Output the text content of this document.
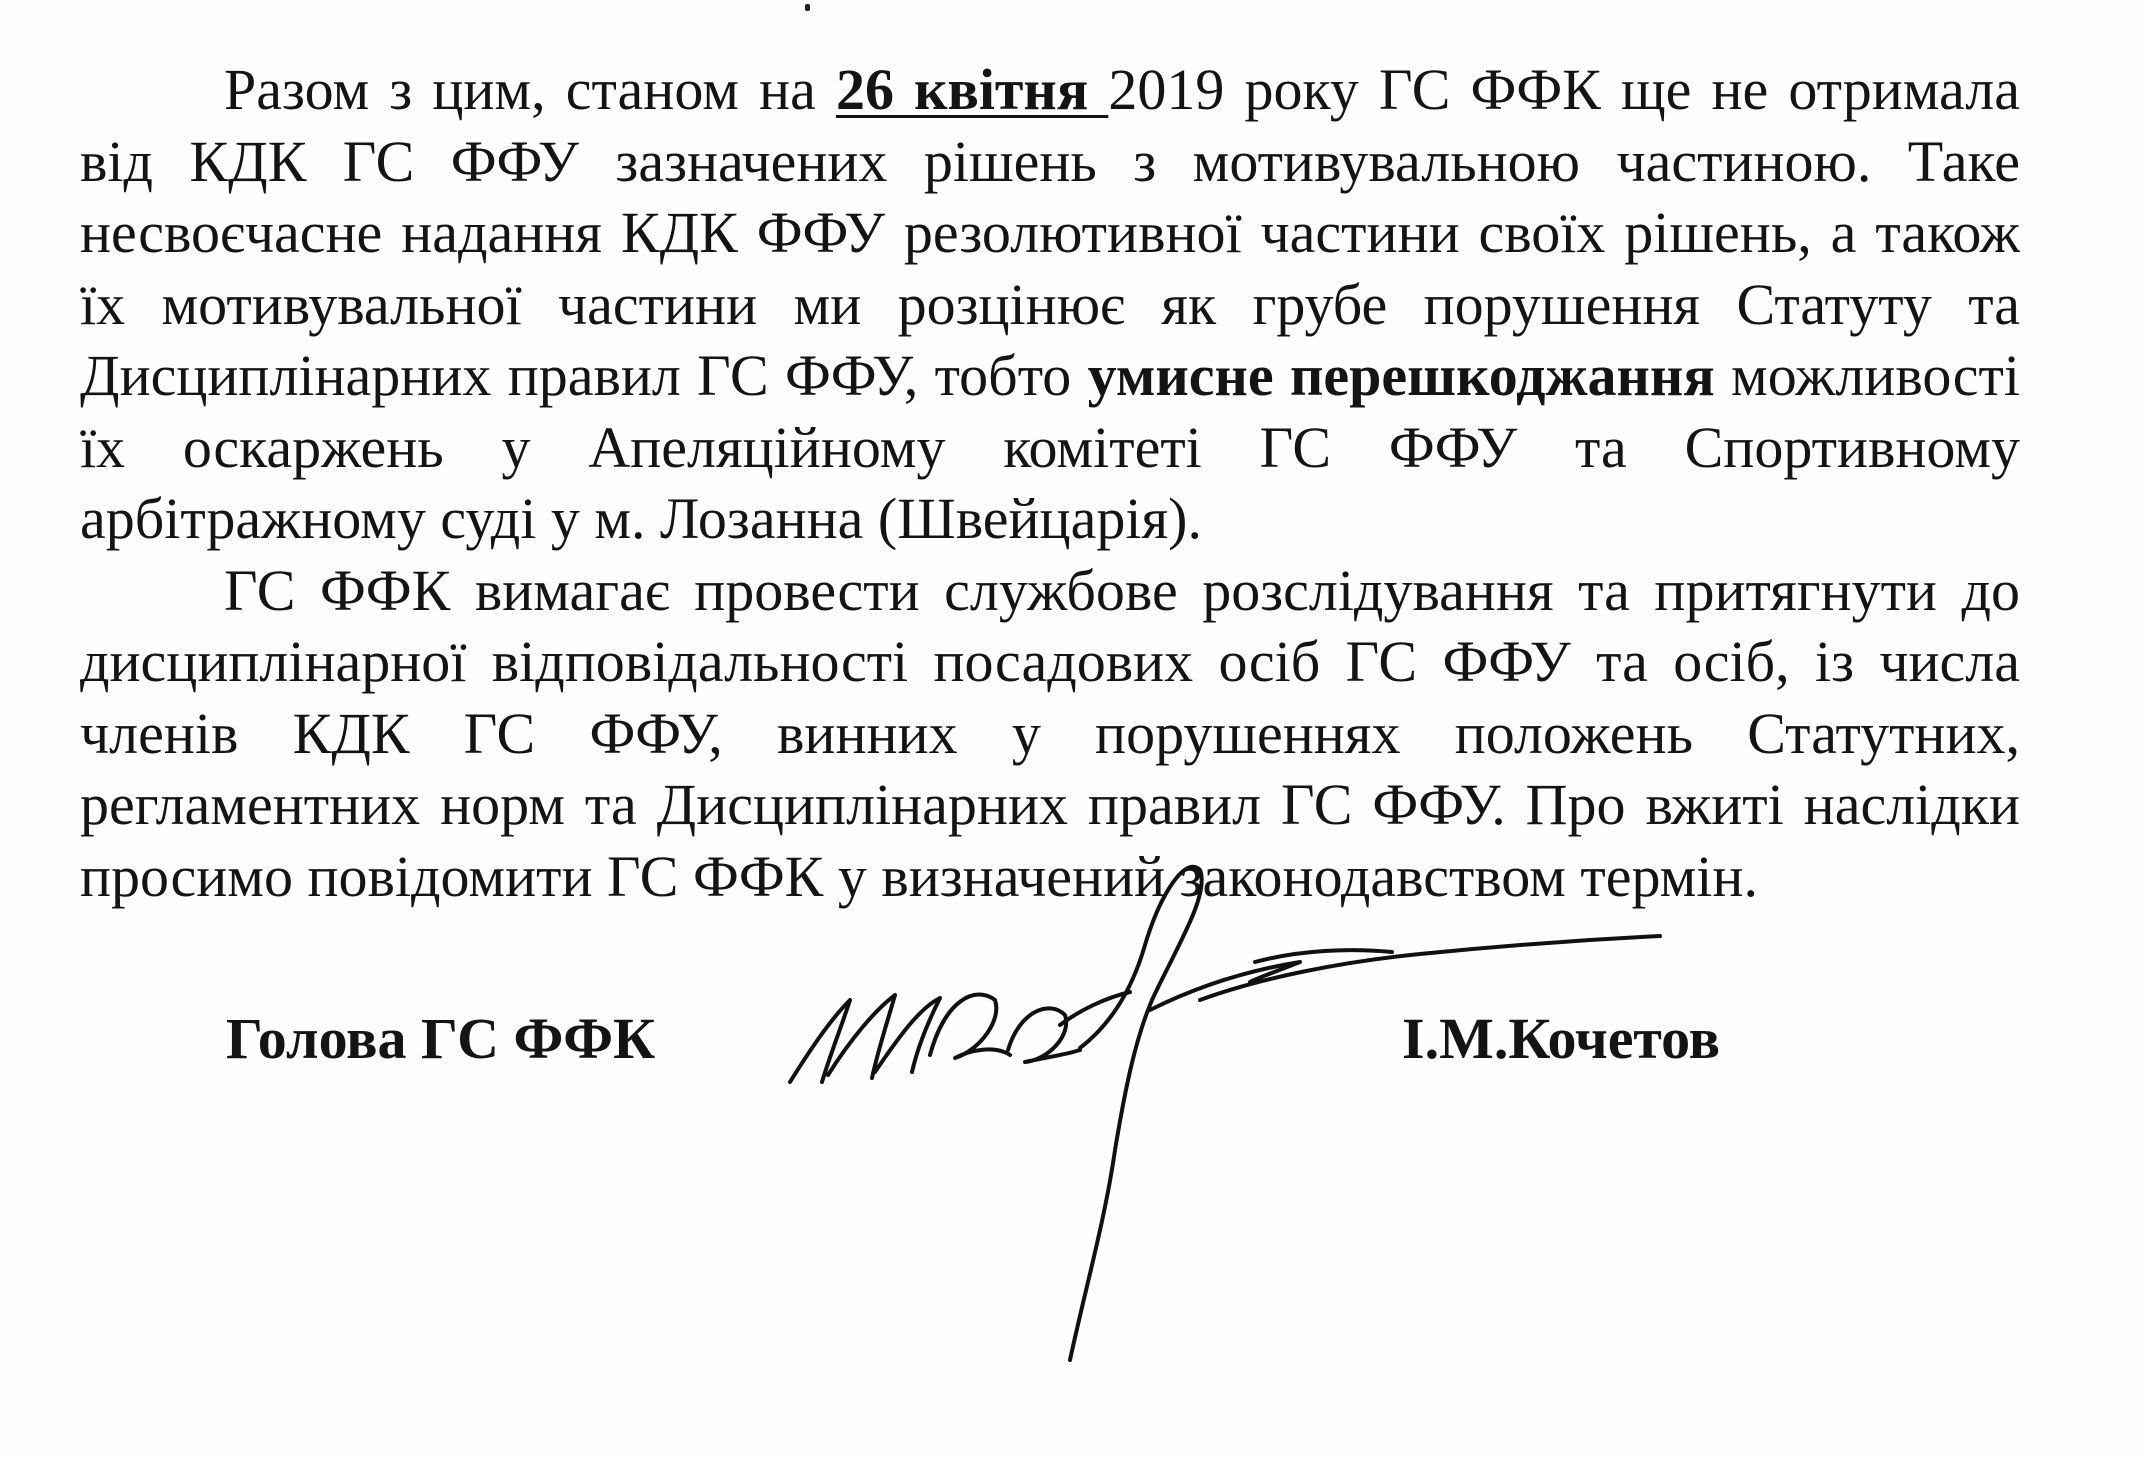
Разом з цим, станом на 26 квітня 2019 року ГС ФФК ще не отримала від КДК ГС ФФУ зазначених рішень з мотивувальною частиною. Таке несвоєчасне надання КДК ФФУ резолютивної частини своїх рішень, а також їх мотивувальної частини ми розцінює як грубе порушення Статуту та Дисциплінарних правил ГС ФФУ, тобто умисне перешкоджання можливості їх оскаржень у Апеляційному комітеті ГС ФФУ та Спортивному арбітражному суді у м. Лозанна (Швейцарія).

ГС ФФК вимагає провести службове розслідування та притягнути до дисциплінарної відповідальності посадових осіб ГС ФФУ та осіб, із числа членів КДК ГС ФФУ, винних у порушеннях положень Статутних, регламентних норм та Дисциплінарних правил ГС ФФУ. Про вжиті наслідки просимо повідомити ГС ФФК у визначений законодавством термін.

Голова ГС ФФК	І.М.Кочетов
